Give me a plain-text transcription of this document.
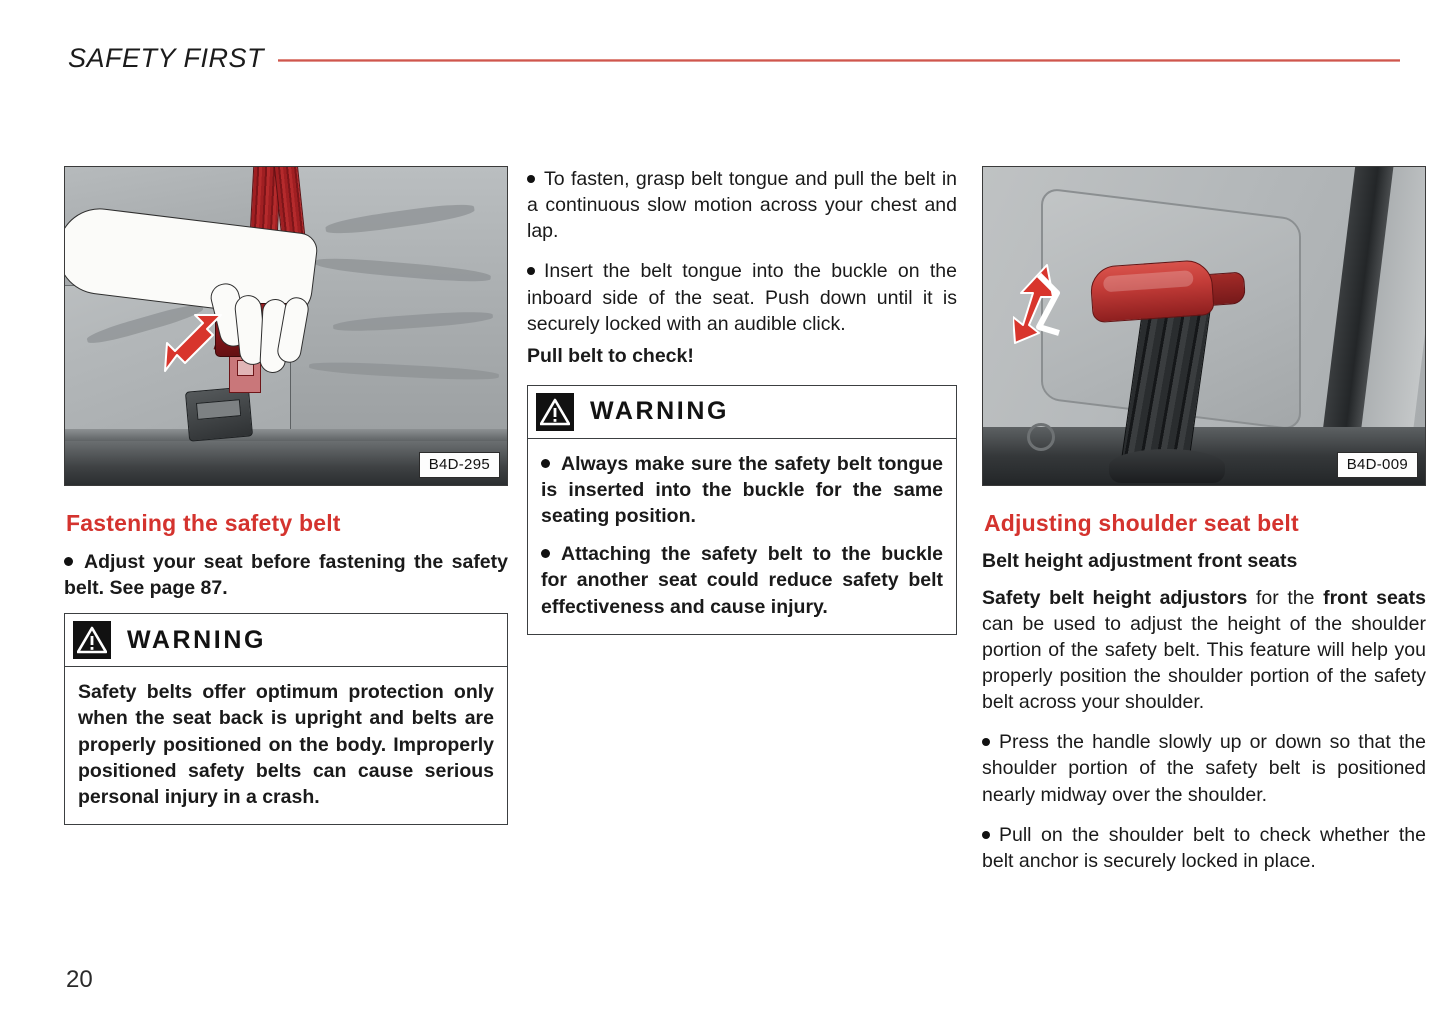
SAFETY FIRST
B4D-295
Fastening the safety belt

Adjust your seat before fastening the safety belt. See page 87.

WARNING

Safety belts offer optimum protection only when the seat back is upright and belts are properly positioned on the body. Improperly positioned safety belts can cause serious personal injury in a crash.

To fasten, grasp belt tongue and pull the belt in a continuous slow motion across your chest and lap.

Insert the belt tongue into the buckle on the inboard side of the seat. Push down until it is securely locked with an audible click.

Pull belt to check!

WARNING

Always make sure the safety belt tongue is inserted into the buckle for the same seating position.

Attaching the safety belt to the buckle for another seat could reduce safety belt effectiveness and cause injury.

B4D-009
Adjusting shoulder seat belt
Belt height adjustment front seats

Safety belt height adjustors for the front seats can be used to adjust the height of the shoulder portion of the safety belt. This feature will help you properly position the shoulder portion of the safety belt across your shoulder.

Press the handle slowly up or down so that the shoulder portion of the safety belt is positioned nearly midway over the shoulder.

Pull on the shoulder belt to check whether the belt anchor is securely locked in place.

20
